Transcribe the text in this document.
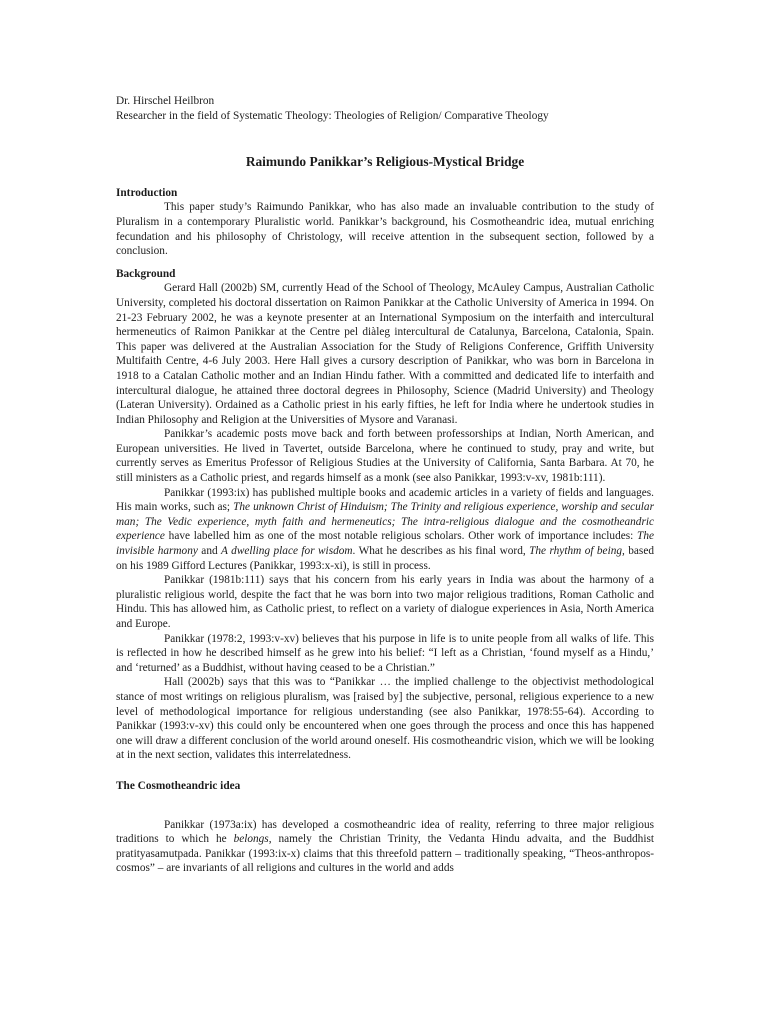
Dr. Hirschel Heilbron

Researcher in the field of Systematic Theology: Theologies of Religion/ Comparative Theology

Raimundo Panikkar’s Religious-Mystical Bridge

Introduction

This paper study’s Raimundo Panikkar, who has also made an invaluable contribution to the study of Pluralism in a contemporary Pluralistic world. Panikkar’s background, his Cosmotheandric idea, mutual enriching fecundation and his philosophy of Christology, will receive attention in the subsequent section, followed by a conclusion.

Background

Gerard Hall (2002b) SM, currently Head of the School of Theology, McAuley Campus, Australian Catholic University, completed his doctoral dissertation on Raimon Panikkar at the Catholic University of America in 1994. On 21-23 February 2002, he was a keynote presenter at an International Symposium on the interfaith and intercultural hermeneutics of Raimon Panikkar at the Centre pel diàleg intercultural de Catalunya, Barcelona, Catalonia, Spain. This paper was delivered at the Australian Association for the Study of Religions Conference, Griffith University Multifaith Centre, 4-6 July 2003. Here Hall gives a cursory description of Panikkar, who was born in Barcelona in 1918 to a Catalan Catholic mother and an Indian Hindu father. With a committed and dedicated life to interfaith and intercultural dialogue, he attained three doctoral degrees in Philosophy, Science (Madrid University) and Theology (Lateran University). Ordained as a Catholic priest in his early fifties, he left for India where he undertook studies in Indian Philosophy and Religion at the Universities of Mysore and Varanasi.

Panikkar’s academic posts move back and forth between professorships at Indian, North American, and European universities. He lived in Tavertet, outside Barcelona, where he continued to study, pray and write, but currently serves as Emeritus Professor of Religious Studies at the University of California, Santa Barbara. At 70, he still ministers as a Catholic priest, and regards himself as a monk (see also Panikkar, 1993:v-xv, 1981b:111).

Panikkar (1993:ix) has published multiple books and academic articles in a variety of fields and languages. His main works, such as; The unknown Christ of Hinduism; The Trinity and religious experience, worship and secular man; The Vedic experience, myth faith and hermeneutics; The intra-religious dialogue and the cosmotheandric experience have labelled him as one of the most notable religious scholars. Other work of importance includes: The invisible harmony and A dwelling place for wisdom. What he describes as his final word, The rhythm of being, based on his 1989 Gifford Lectures (Panikkar, 1993:x-xi), is still in process.

Panikkar (1981b:111) says that his concern from his early years in India was about the harmony of a pluralistic religious world, despite the fact that he was born into two major religious traditions, Roman Catholic and Hindu. This has allowed him, as Catholic priest, to reflect on a variety of dialogue experiences in Asia, North America and Europe.

Panikkar (1978:2, 1993:v-xv) believes that his purpose in life is to unite people from all walks of life. This is reflected in how he described himself as he grew into his belief: “I left as a Christian, ‘found myself as a Hindu,’ and ‘returned’ as a Buddhist, without having ceased to be a Christian.”

Hall (2002b) says that this was to “Panikkar … the implied challenge to the objectivist methodological stance of most writings on religious pluralism, was [raised by] the subjective, personal, religious experience to a new level of methodological importance for religious understanding (see also Panikkar, 1978:55-64). According to Panikkar (1993:v-xv) this could only be encountered when one goes through the process and once this has happened one will draw a different conclusion of the world around oneself. His cosmotheandric vision, which we will be looking at in the next section, validates this interrelatedness.

The Cosmotheandric idea

Panikkar (1973a:ix) has developed a cosmotheandric idea of reality, referring to three major religious traditions to which he belongs, namely the Christian Trinity, the Vedanta Hindu advaita, and the Buddhist pratityasamutpada. Panikkar (1993:ix-x) claims that this threefold pattern – traditionally speaking, “Theos-anthropos-cosmos” – are invariants of all religions and cultures in the world and adds
